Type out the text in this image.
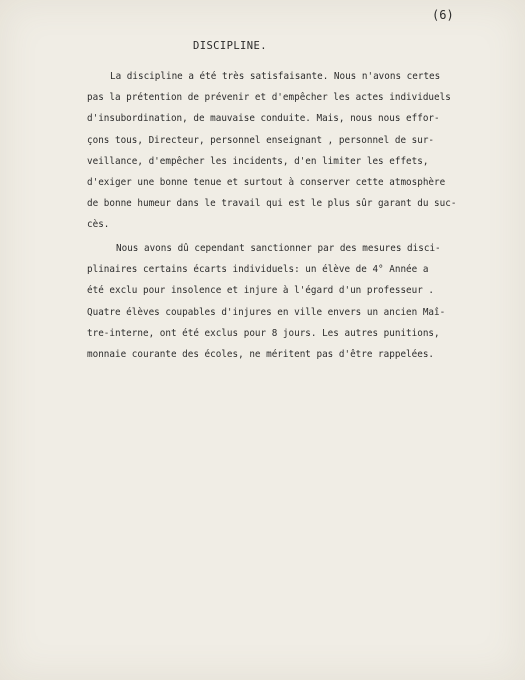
(6)
DISCIPLINE.
La discipline a été très satisfaisante. Nous n'avons certes
pas la prétention de prévenir et d'empêcher les actes individuels
d'insubordination, de mauvaise conduite. Mais, nous nous effor-
çons tous, Directeur, personnel enseignant , personnel de sur-
veillance, d'empêcher les incidents, d'en limiter les effets,
d'exiger une bonne tenue et surtout à conserver cette atmosphère
de bonne humeur dans le travail qui est le plus sûr garant du suc-
cès.
Nous avons dû cependant sanctionner par des mesures disci-
plinaires certains écarts individuels: un élève de 4° Année a
été exclu pour insolence et injure à l'égard d'un professeur .
Quatre élèves coupables d'injures en ville envers un ancien Maî-
tre-interne, ont été exclus pour 8 jours. Les autres punitions,
monnaie courante des écoles, ne méritent pas d'être rappelées.
